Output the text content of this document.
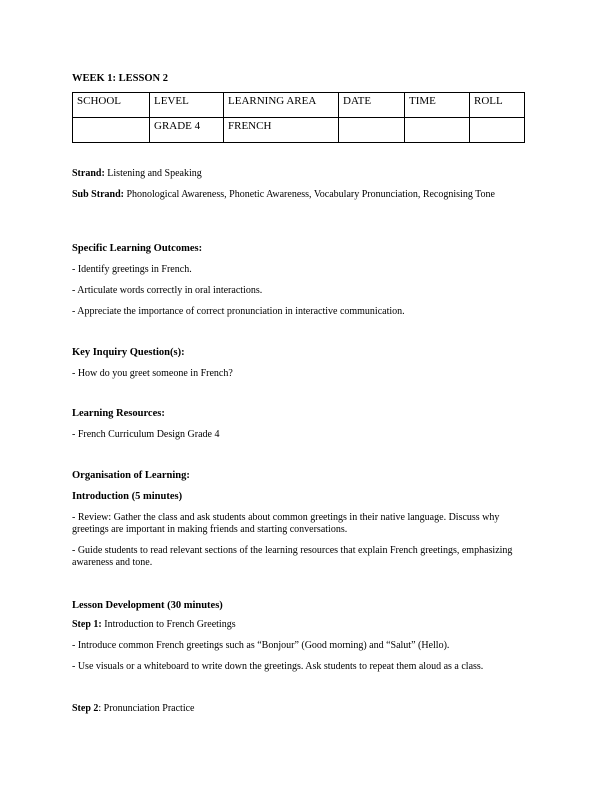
WEEK 1: LESSON 2
SCHOOL	LEVEL	LEARNING AREA	DATE	TIME	ROLL
	GRADE 4	FRENCH			
Strand: Listening and Speaking
Sub Strand: Phonological Awareness, Phonetic Awareness, Vocabulary Pronunciation, Recognising Tone
Specific Learning Outcomes:
- Identify greetings in French.
- Articulate words correctly in oral interactions.
- Appreciate the importance of correct pronunciation in interactive communication.
Key Inquiry Question(s):
- How do you greet someone in French?
Learning Resources:
- French Curriculum Design Grade 4
Organisation of Learning:
Introduction (5 minutes)
- Review: Gather the class and ask students about common greetings in their native language. Discuss why greetings are important in making friends and starting conversations.
- Guide students to read relevant sections of the learning resources that explain French greetings, emphasizing awareness and tone.
Lesson Development (30 minutes)
Step 1: Introduction to French Greetings
- Introduce common French greetings such as “Bonjour” (Good morning) and “Salut” (Hello).
- Use visuals or a whiteboard to write down the greetings. Ask students to repeat them aloud as a class.
Step 2: Pronunciation Practice
